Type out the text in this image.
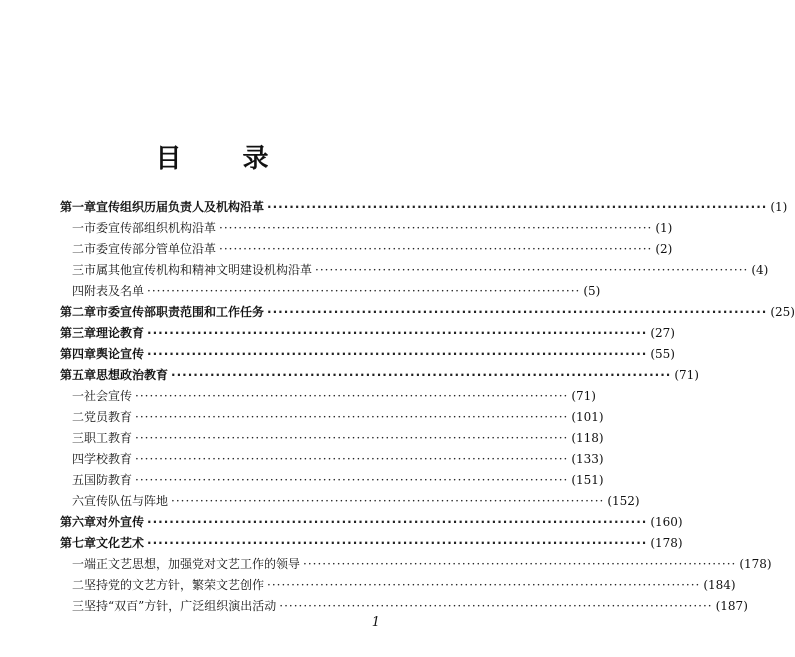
目 录
第一章 宣传组织历届负责人及机构沿革 ·····	(1)
一 市委宣传部组织机构沿革 ·····	(1)
二 市委宣传部分管单位沿革 ·····	(2)
三 市属其他宣传机构和精神文明建设机构沿革 ·····	(4)
四 附表及名单 ·····	(5)
第二章 市委宣传部职责范围和工作任务 ·····	(25)
第三章 理论教育 ·····	(27)
第四章 舆论宣传 ·····	(55)
第五章 思想政治教育 ·····	(71)
一 社会宣传 ·····	(71)
二 党员教育 ·····	(101)
三 职工教育 ·····	(118)
四 学校教育 ·····	(133)
五 国防教育 ·····	(151)
六 宣传队伍与阵地 ·····	(152)
第六章 对外宣传 ·····	(160)
第七章 文化艺术 ·····	(178)
一 端正文艺思想，加强党对文艺工作的领导 ·····	(178)
二 坚持党的文艺方针，繁荣文艺创作 ·····	(184)
三 坚持“双百”方针，广泛组织演出活动 ·····	(187)
1
